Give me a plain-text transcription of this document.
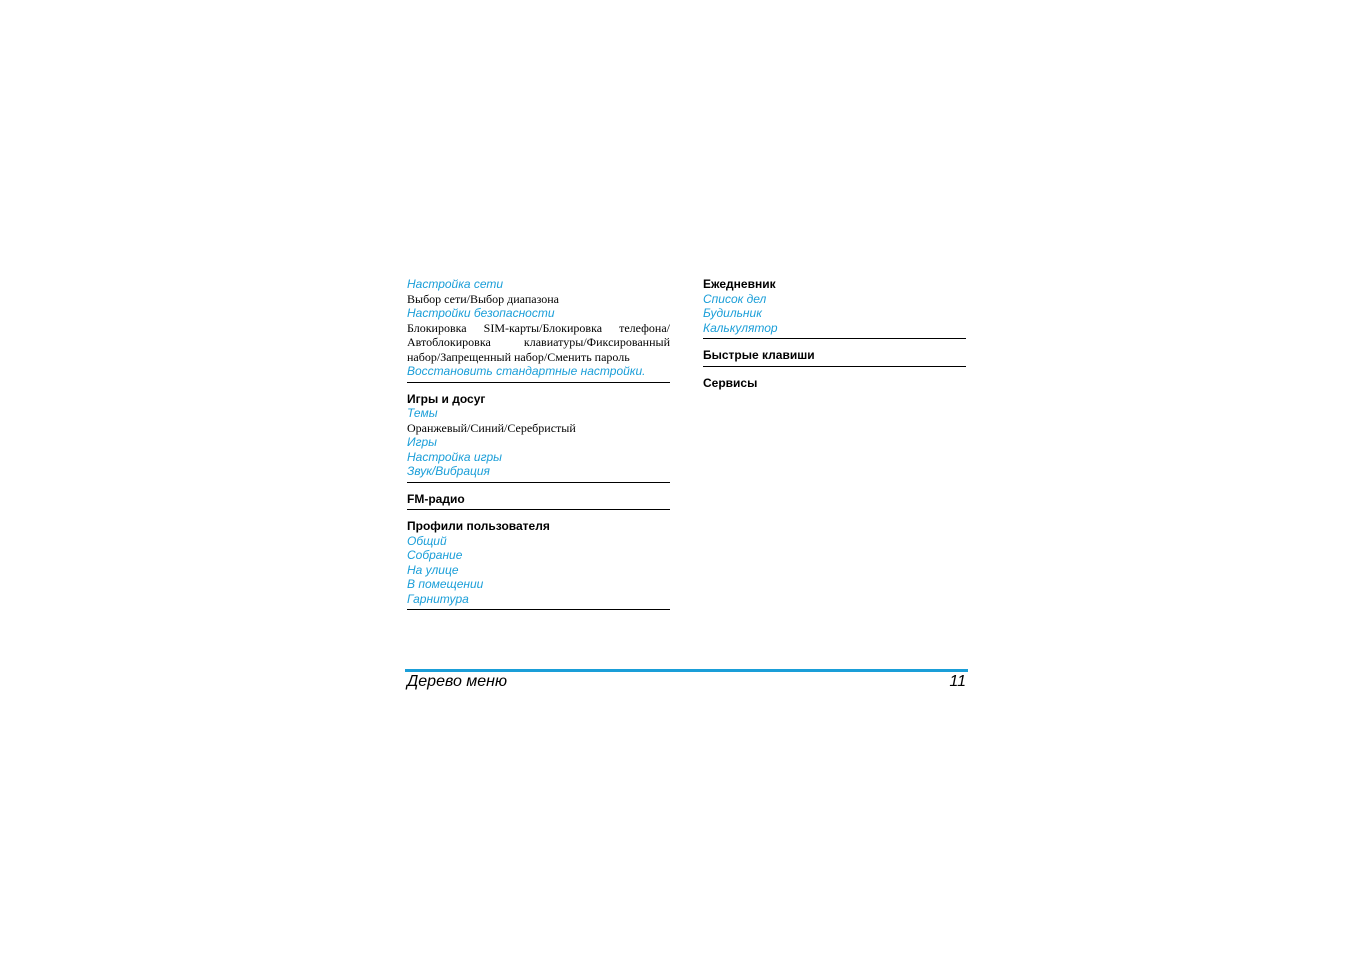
Настройка сети
Выбор сети/Выбор диапазона
Настройки безопасности
Блокировка SIM-карты/Блокировка телефона/ Автоблокировка клавиатуры/Фиксированный набор/Запрещенный набор/Сменить пароль
Восстановить стандартные настройки.
Игры и досуг
Темы
Оранжевый/Синий/Серебристый
Игры
Настройка игры
Звук/Вибрация
FM-радио
Профили пользователя
Общий
Собрание
На улице
В помещении
Гарнитура
Ежедневник
Список дел
Будильник
Калькулятор
Быстрые клавиши
Сервисы
Дерево меню	11
